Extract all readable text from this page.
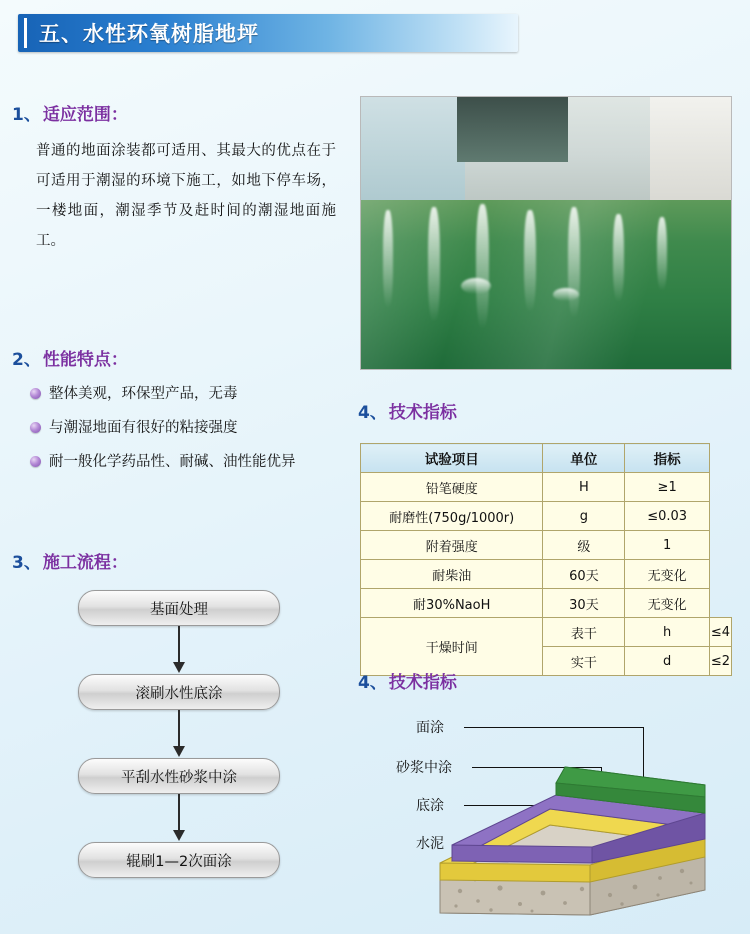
五、水性环氧树脂地坪
1、 适应范围 ：
普通的地面涂装都可适用、其最大的优点在于可适用于潮湿的环境下施工，如地下停车场，一楼地面，潮湿季节及赶时间的潮湿地面施工。
2、 性能特点 ：
整体美观，环保型产品，无毒
与潮湿地面有很好的粘接强度
耐一般化学药品性、耐碱、油性能优异
3、 施工流程 ：
基面处理
滚刷水性底涂
平刮水性砂浆中涂
辊刷1—2次面涂
4、 技术指标
试验项目	单位	指标	
铅笔硬度	H	≥1	
耐磨性(750g/1000r)	g	≤0.03	
附着强度	级	1	
耐柴油	60天	无变化	
耐30%NaoH	30天	无变化	
干燥时间	表干	h	≤4
	实干	d	≤2
4、 技术指标
面涂
砂浆中涂
底涂
水泥
